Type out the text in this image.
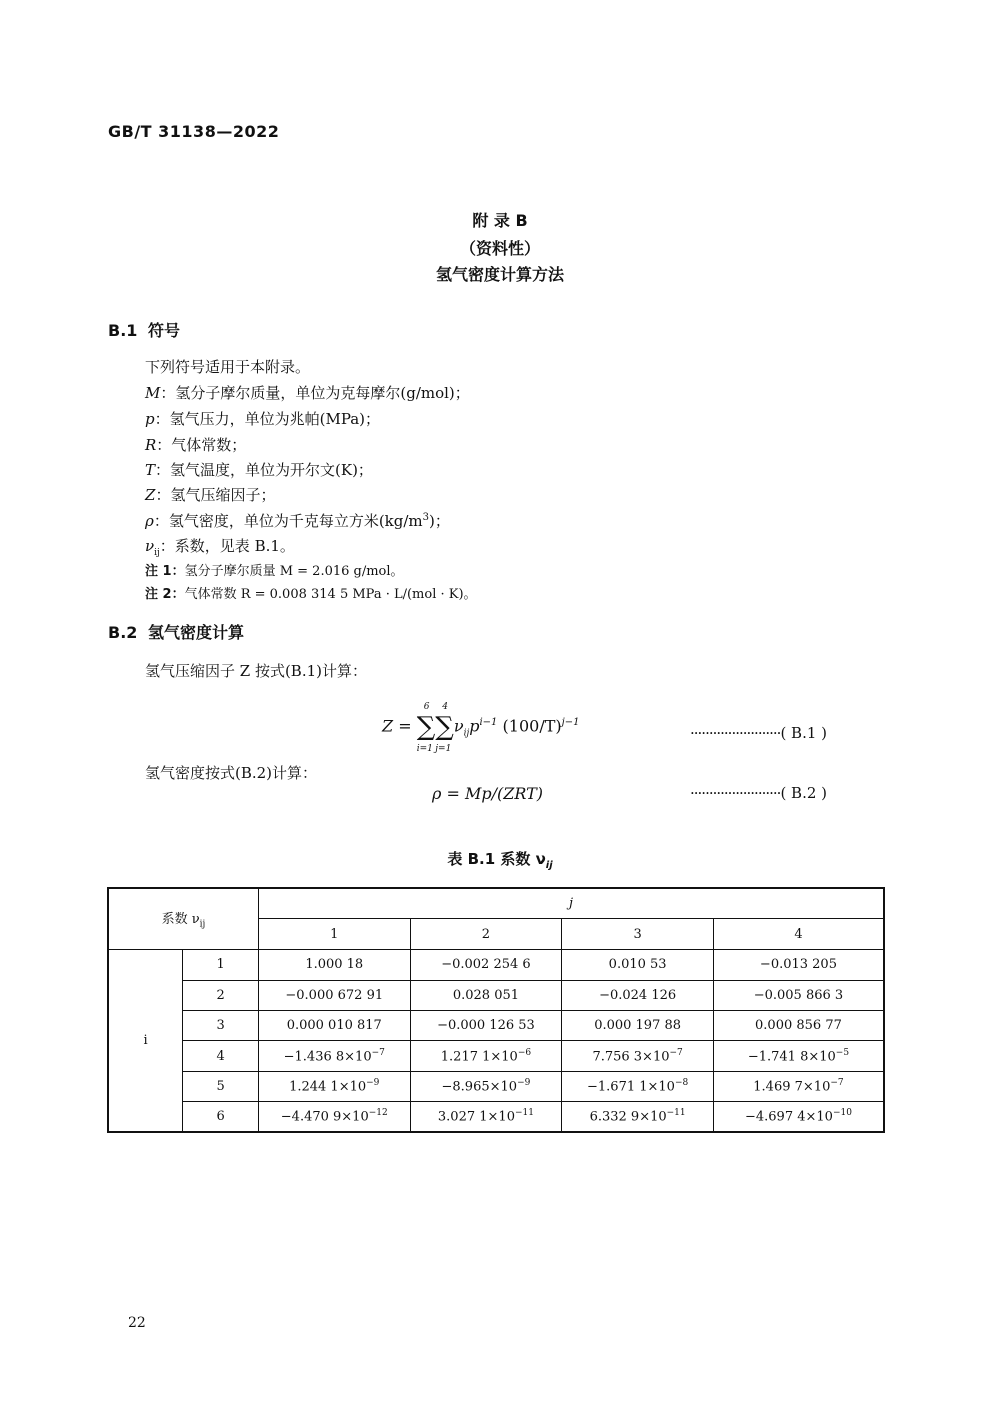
GB/T 31138—2022
附 录 B
（资料性）
氢气密度计算方法
B.1 符号
下列符号适用于本附录。
M：氢分子摩尔质量，单位为克每摩尔(g/mol)；
p：氢气压力，单位为兆帕(MPa)；
R：气体常数；
T：氢气温度，单位为开尔文(K)；
Z：氢气压缩因子；
ρ：氢气密度，单位为千克每立方米$(kg/m^3)$；
$\nu_{ij}$：系数，见表 B.1。
注 1：氢分子摩尔质量 M = 2.016 g/mol。
注 2：气体常数 R = 0.008 314 5 MPa · L/(mol · K)。
B.2 氢气密度计算
氢气压缩因子 Z 按式(B.1)计算：
Z =
6
∑
i=1
4
∑
j=1
$\nu_{ij}p^{i-1}$ $(100/T)^{j-1}$
························( B.1 )
氢气密度按式(B.2)计算：
ρ = Mp/(ZRT)	························( B.2 )
表 B.1 系数 $\nu_{ij}$
系数 $\nu_{ij}$		j			
		1	2	3	4
i	1	1.000 18	−0.002 254 6	0.010 53	−0.013 205
	2	−0.000 672 91	0.028 051	−0.024 126	−0.005 866 3
	3	0.000 010 817	−0.000 126 53	0.000 197 88	0.000 856 77
	4	−1.436 $8\times 10^{-7}$	1.217 $1\times 10^{-6}$	7.756 $3\times 10^{-7}$	−1.741 $8\times 10^{-5}$
	5	1.244 $1\times 10^{-9}$	$-8.965\times 10^{-9}$	−1.671 $1\times 10^{-8}$	1.469 $7\times 10^{-7}$
	6	−4.470 $9\times 10^{-12}$	3.027 $1\times 10^{-11}$	6.332 $9\times 10^{-11}$	−4.697 $4\times 10^{-10}$
22
